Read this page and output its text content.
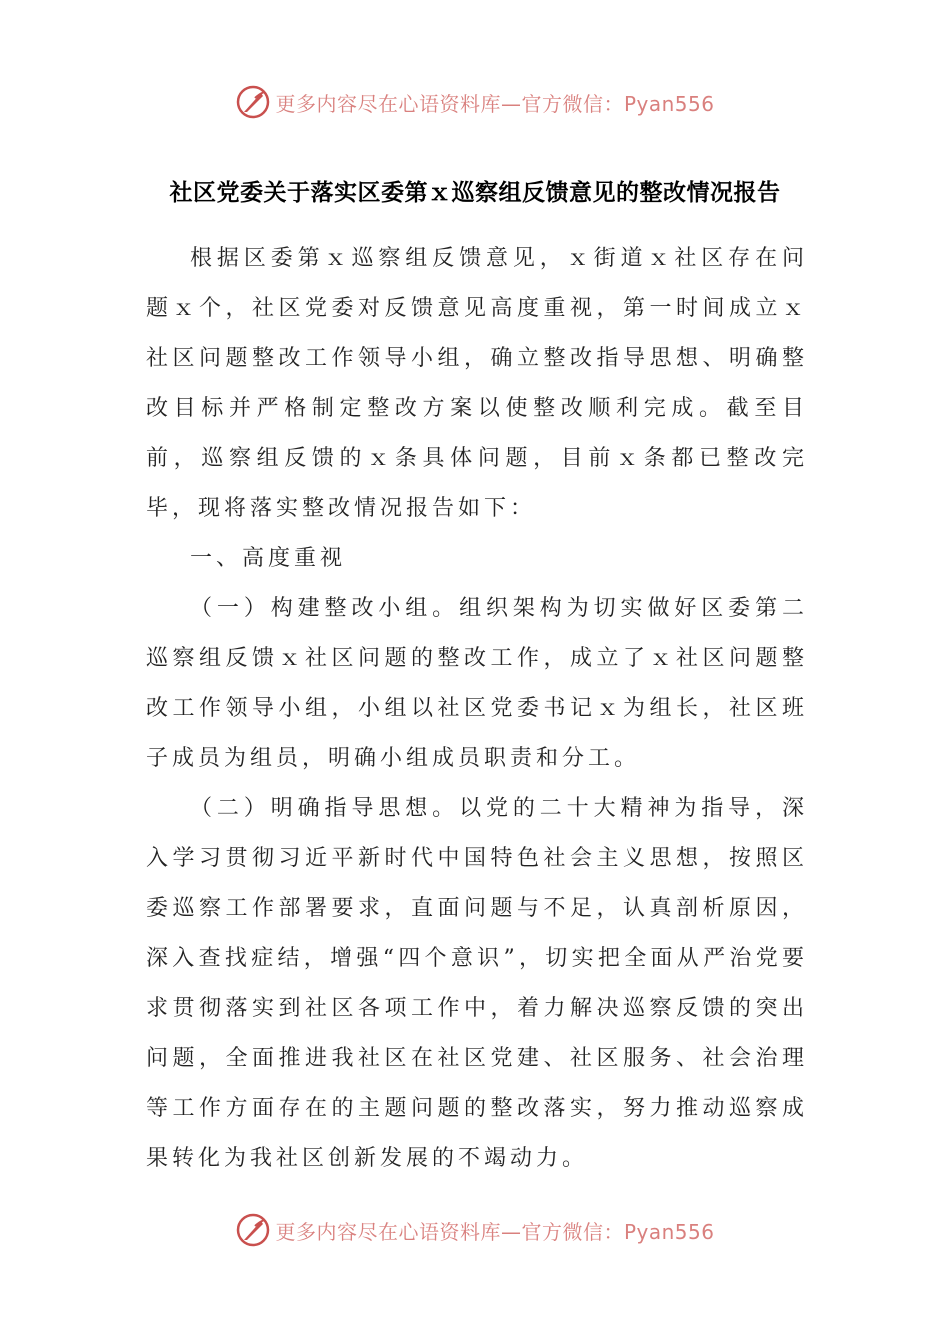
更多内容尽在心语资料库—官方微信：Pyan556
社区党委关于落实区委第ｘ巡察组反馈意见的整改情况报告

根据区委第ｘ巡察组反馈意见，ｘ街道ｘ社区存在问题ｘ个，社区党委对反馈意见高度重视，第一时间成立ｘ社区问题整改工作领导小组，确立整改指导思想、明确整改目标并严格制定整改方案以使整改顺利完成。截至目前，巡察组反馈的ｘ条具体问题，目前ｘ条都已整改完毕，现将落实整改情况报告如下：

一、高度重视

（一）构建整改小组。组织架构为切实做好区委第二巡察组反馈ｘ社区问题的整改工作，成立了ｘ社区问题整改工作领导小组，小组以社区党委书记ｘ为组长，社区班子成员为组员，明确小组成员职责和分工。

（二）明确指导思想。以党的二十大精神为指导，深入学习贯彻习近平新时代中国特色社会主义思想，按照区委巡察工作部署要求，直面问题与不足，认真剖析原因，深入查找症结，增强“四个意识”，切实把全面从严治党要求贯彻落实到社区各项工作中，着力解决巡察反馈的突出问题，全面推进我社区在社区党建、社区服务、社会治理等工作方面存在的主题问题的整改落实，努力推动巡察成果转化为我社区创新发展的不竭动力。

更多内容尽在心语资料库—官方微信：Pyan556
